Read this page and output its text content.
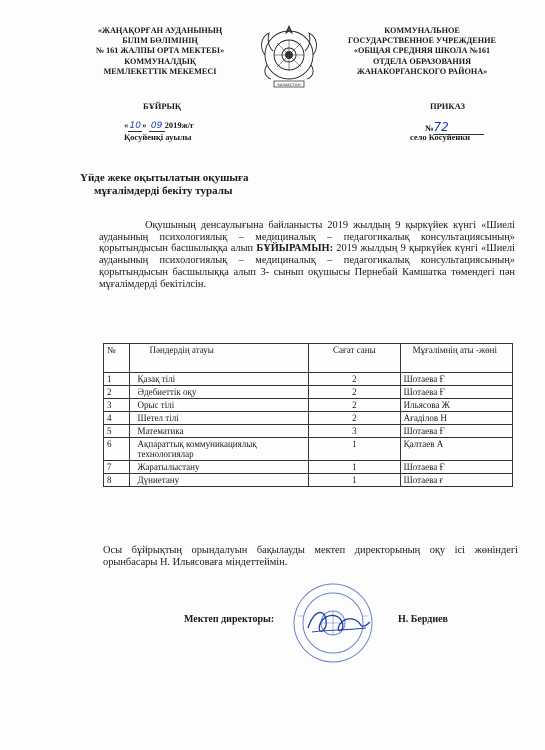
«ЖАҢАҚОРҒАН АУДАНЫНЫҢ
БІЛІМ БӨЛІМІНІҢ
№ 161 ЖАЛПЫ ОРТА МЕКТЕБІ»
КОММУНАЛДЫҚ
МЕМЛЕКЕТТІК МЕКЕМЕСІ
КАЗАКСТАН
КОММУНАЛЬНОЕ
ГОСУДАРСТВЕННОЕ УЧРЕЖДЕНИЕ
«ОБЩАЯ СРЕДНЯЯ ШКОЛА №161
ОТДЕЛА ОБРАЗОВАНИЯ
ЖАНАКОРГАНСКОГО РАЙОНА»
БҰЙРЫҚ	ПРИКАЗ
«10» 09 2019ж/г	№72
Қосуйенқі ауылы	село Косуйенки
Үйде жеке оқытылатын оқушыға
мұғалімдерді бекіту туралы
Оқушының денсаулығына байланысты 2019 жылдың 9 қыркүйек күнгі «Шиелі ауданының психологиялық – медициналық – педагогикалық консультациясының» қорытындысын басшылыққа алып БҰЙЫРАМЫН: 2019 жылдың 9 қыркүйек күнгі «Шиелі ауданының психологиялық – медициналық – педагогикалық консультациясының» қорытындысын басшылыққа алып 3- сынып оқушысы Пернебай Камшатка төмендегі пән мұғалімдерді бекітілсін.
№	Пәндердің атауы	Сағат саны	Мұғалімнің аты -жөні
1	Қазақ тілі	2	Шотаева Ғ
2	Әдебиеттік оқу	2	Шотаева Ғ
3	Орыс тілі	2	Ильясова Ж
4	Шетел тілі	2	Ағаділов Н
5	Математика	3	Шотаева Ғ
6	Ақпараттық коммуникациялық технологиялар	1	Қалтаев А
7	Жаратылыстану	1	Шотаева Ғ
8	Дүниетану	1	Шотаева ғ
Осы бұйрықтың орындалуын бақылауды мектеп директорының оқу ісі жөніндегі орынбасары Н. Ильясоваға міндеттеймін.
Мектеп директоры:	Н. Бердиев
